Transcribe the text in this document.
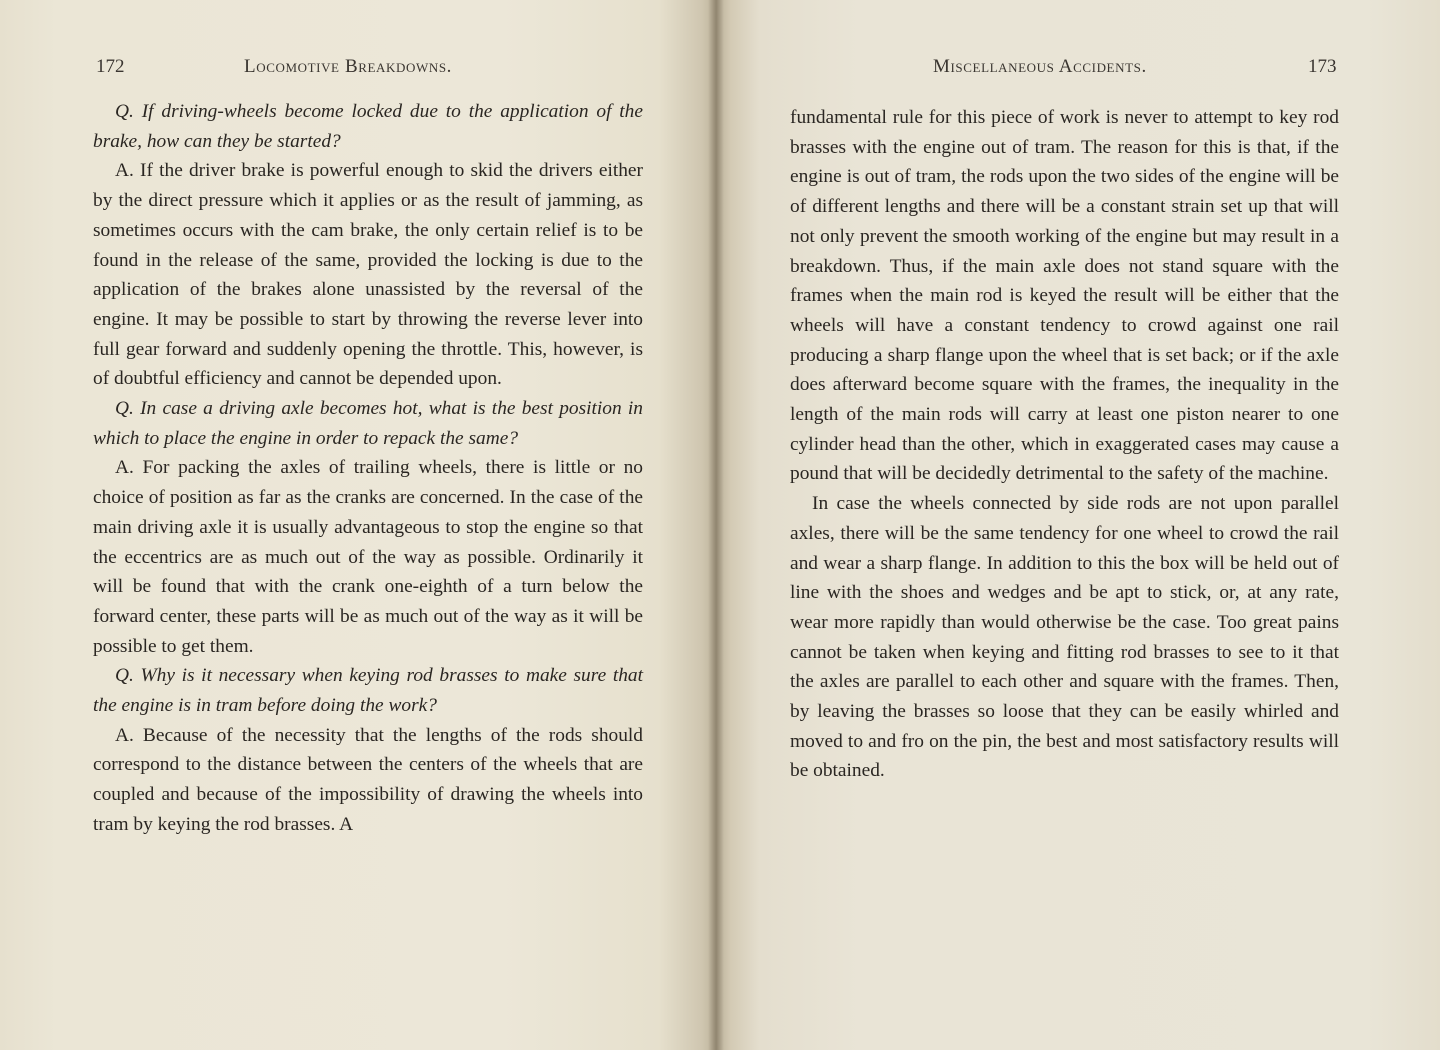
172	Locomotive Breakdowns.

Q. If driving-wheels become locked due to the application of the brake, how can they be started?

A. If the driver brake is powerful enough to skid the drivers either by the direct pressure which it applies or as the result of jamming, as sometimes occurs with the cam brake, the only certain relief is to be found in the release of the same, provided the locking is due to the application of the brakes alone unassisted by the reversal of the engine. It may be possible to start by throwing the reverse lever into full gear forward and suddenly opening the throttle. This, however, is of doubtful efficiency and cannot be depended upon.

Q. In case a driving axle becomes hot, what is the best position in which to place the engine in order to repack the same?

A. For packing the axles of trailing wheels, there is little or no choice of position as far as the cranks are concerned. In the case of the main driving axle it is usually advantageous to stop the engine so that the eccentrics are as much out of the way as possible. Ordinarily it will be found that with the crank one-eighth of a turn below the forward center, these parts will be as much out of the way as it will be possible to get them.

Q. Why is it necessary when keying rod brasses to make sure that the engine is in tram before doing the work?

A. Because of the necessity that the lengths of the rods should correspond to the distance between the centers of the wheels that are coupled and because of the impossibility of drawing the wheels into tram by keying the rod brasses. A

Miscellaneous Accidents.	173

fundamental rule for this piece of work is never to attempt to key rod brasses with the engine out of tram. The reason for this is that, if the engine is out of tram, the rods upon the two sides of the engine will be of different lengths and there will be a constant strain set up that will not only prevent the smooth working of the engine but may result in a breakdown. Thus, if the main axle does not stand square with the frames when the main rod is keyed the result will be either that the wheels will have a constant tendency to crowd against one rail producing a sharp flange upon the wheel that is set back; or if the axle does afterward become square with the frames, the inequality in the length of the main rods will carry at least one piston nearer to one cylinder head than the other, which in exaggerated cases may cause a pound that will be decidedly detrimental to the safety of the machine.

In case the wheels connected by side rods are not upon parallel axles, there will be the same tendency for one wheel to crowd the rail and wear a sharp flange. In addition to this the box will be held out of line with the shoes and wedges and be apt to stick, or, at any rate, wear more rapidly than would otherwise be the case. Too great pains cannot be taken when keying and fitting rod brasses to see to it that the axles are parallel to each other and square with the frames. Then, by leaving the brasses so loose that they can be easily whirled and moved to and fro on the pin, the best and most satisfactory results will be obtained.
